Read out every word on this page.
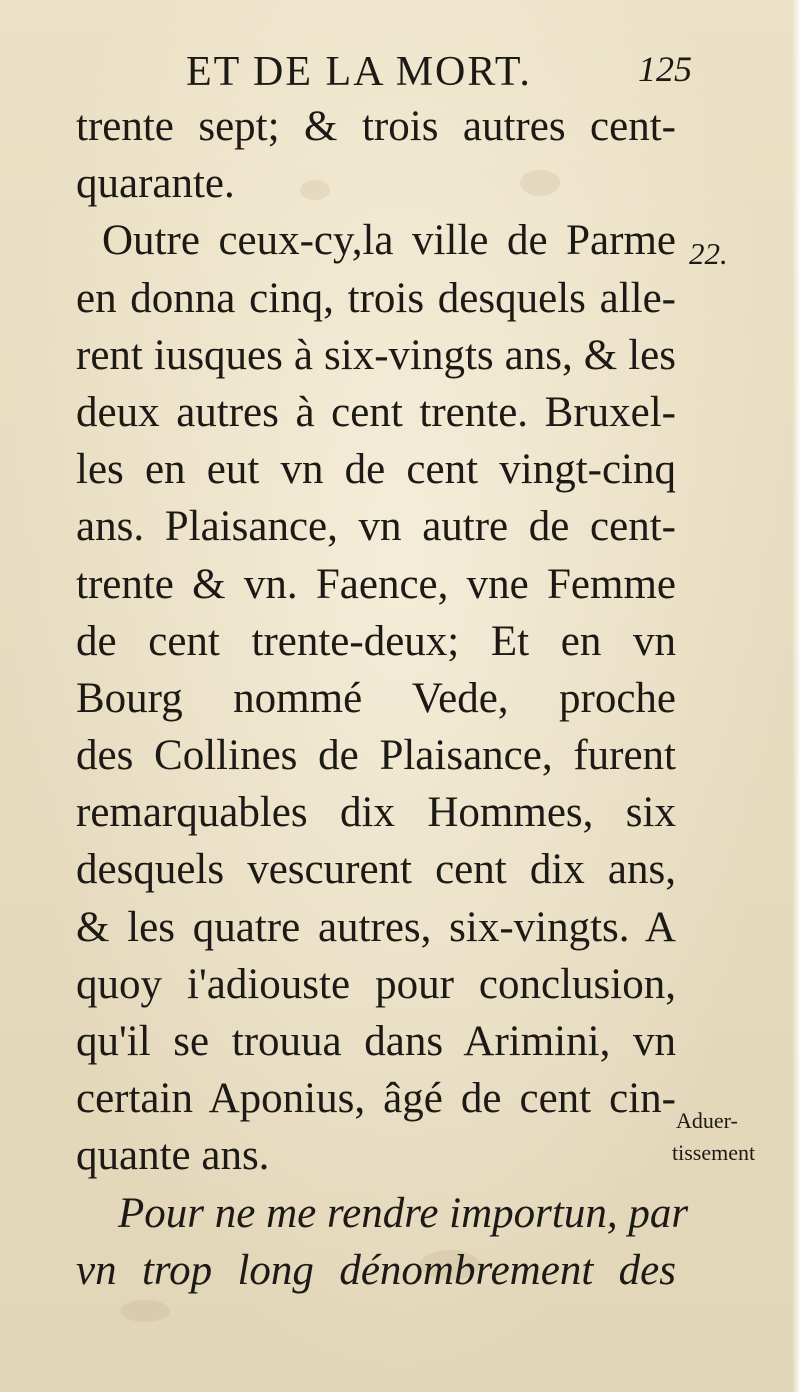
ET DE LA MORT.	125
trente sept; & trois autres cent-
quarante.
Outre ceux-cy,la ville de Parme
en donna cinq, trois desquels alle-
rent iusques à six-vingts ans, & les
deux autres à cent trente. Bruxel-
les en eut vn de cent vingt-cinq
ans. Plaisance, vn autre de cent-
trente & vn. Faence, vne Femme
de cent trente-deux; Et en vn
Bourg nommé Vede, proche
des Collines de Plaisance, furent
remarquables dix Hommes, six
desquels vescurent cent dix ans,
& les quatre autres, six-vingts. A
quoy i'adiouste pour conclusion,
qu'il se trouua dans Arimini, vn
certain Aponius, âgé de cent cin-
quante ans.
Pour ne me rendre importun, par
vn trop long dénombrement des
22.
Aduer-
tissement
